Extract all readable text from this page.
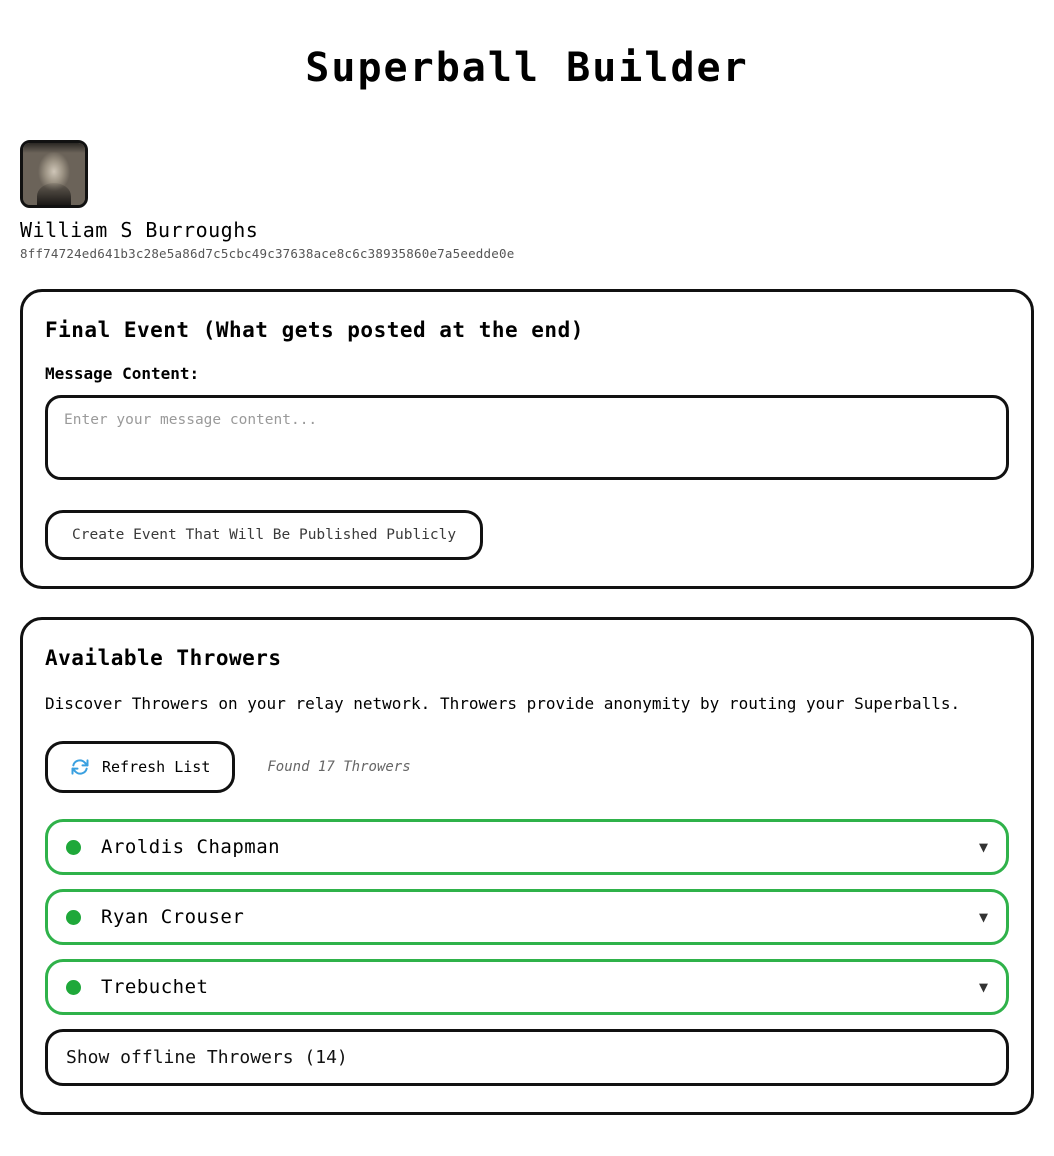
Superball Builder
William S Burroughs
8ff74724ed641b3c28e5a86d7c5cbc49c37638ace8c6c38935860e7a5eedde0e
Final Event (What gets posted at the end)
Message Content:
Enter your message content... Create Event That Will Be Published Publicly
Available Throwers

Discover Throwers on your relay network. Throwers provide anonymity by routing your Superballs.

Refresh List	Found 17 Throwers
Aroldis Chapman	▼
Ryan Crouser	▼
Trebuchet	▼
Show offline Throwers (14)
